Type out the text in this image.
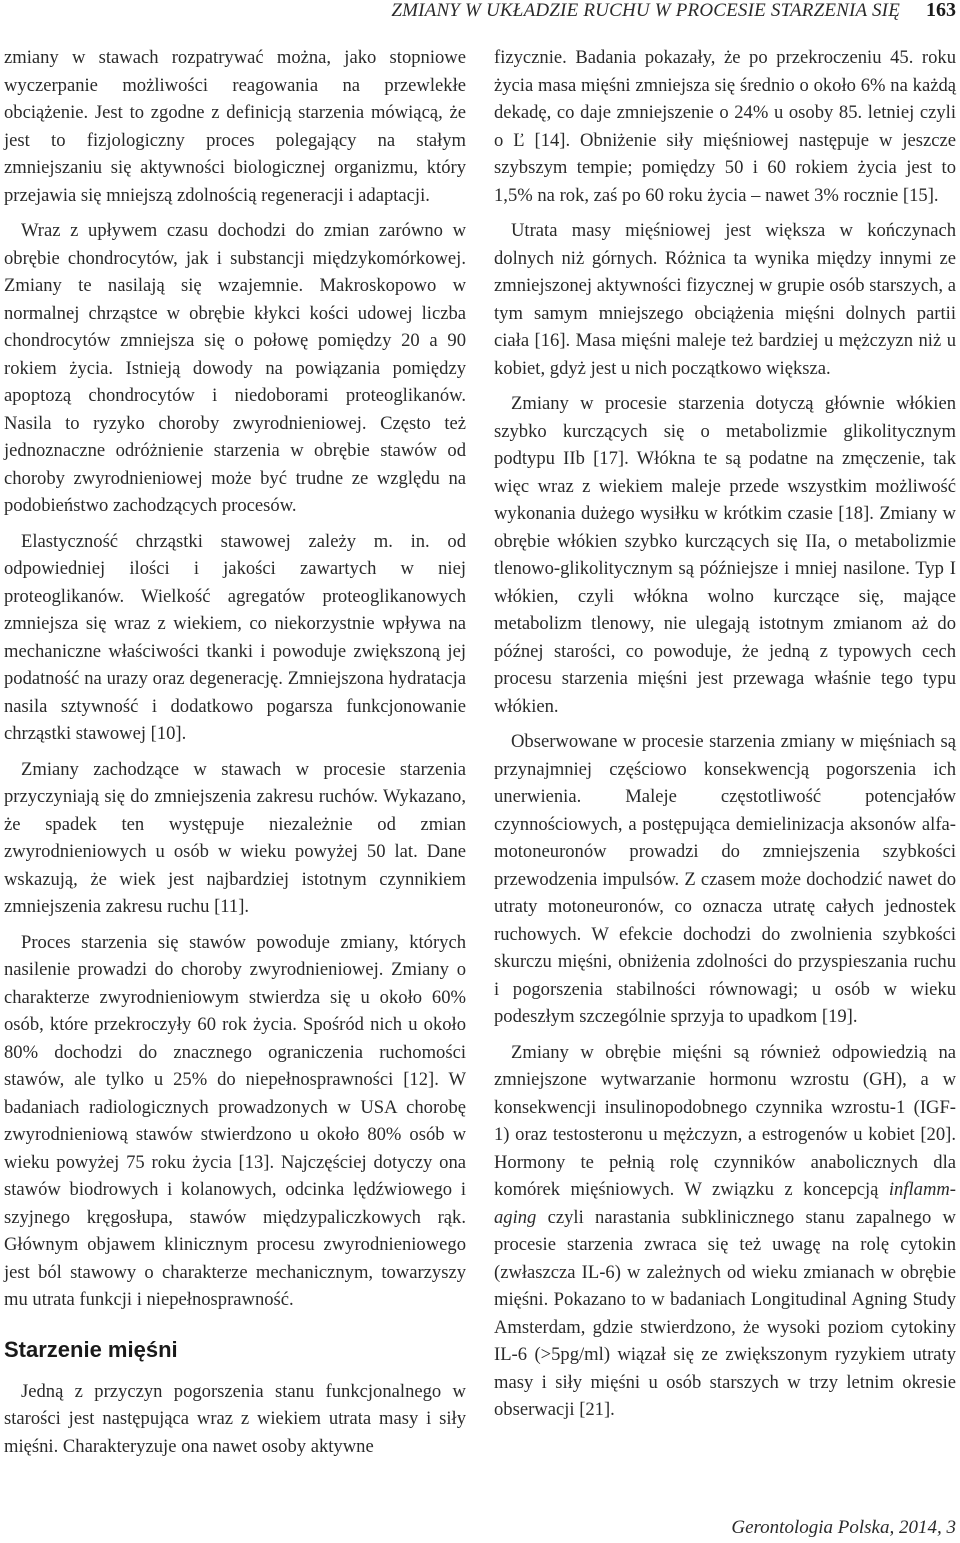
ZMIANY W UKŁADZIE RUCHU W PROCESIE STARZENIA SIĘ 163

zmiany w stawach rozpatrywać można, jako stopniowe wyczerpanie możliwości reagowania na przewlekłe obciążenie. Jest to zgodne z definicją starzenia mówiącą, że jest to fizjologiczny proces polegający na stałym zmniejszaniu się aktywności biologicznej organizmu, który przejawia się mniejszą zdolnością regeneracji i adaptacji.

Wraz z upływem czasu dochodzi do zmian zarówno w obrębie chondrocytów, jak i substancji międzykomórkowej. Zmiany te nasilają się wzajemnie. Makroskopowo w normalnej chrząstce w obrębie kłykci kości udowej liczba chondrocytów zmniejsza się o połowę pomiędzy 20 a 90 rokiem życia. Istnieją dowody na powiązania pomiędzy apoptozą chondrocytów i niedoborami proteoglikanów. Nasila to ryzyko choroby zwyrodnieniowej. Często też jednoznaczne odróżnienie starzenia w obrębie stawów od choroby zwyrodnieniowej może być trudne ze względu na podobieństwo zachodzących procesów.

Elastyczność chrząstki stawowej zależy m. in. od odpowiedniej ilości i jakości zawartych w niej proteoglikanów. Wielkość agregatów proteoglikanowych zmniejsza się wraz z wiekiem, co niekorzystnie wpływa na mechaniczne właściwości tkanki i powoduje zwiększoną jej podatność na urazy oraz degenerację. Zmniejszona hydratacja nasila sztywność i dodatkowo pogarsza funkcjonowanie chrząstki stawowej [10].

Zmiany zachodzące w stawach w procesie starzenia przyczyniają się do zmniejszenia zakresu ruchów. Wykazano, że spadek ten występuje niezależnie od zmian zwyrodnieniowych u osób w wieku powyżej 50 lat. Dane wskazują, że wiek jest najbardziej istotnym czynnikiem zmniejszenia zakresu ruchu [11].

Proces starzenia się stawów powoduje zmiany, których nasilenie prowadzi do choroby zwyrodnieniowej. Zmiany o charakterze zwyrodnieniowym stwierdza się u około 60% osób, które przekroczyły 60 rok życia. Spośród nich u około 80% dochodzi do znacznego ograniczenia ruchomości stawów, ale tylko u 25% do niepełnosprawności [12]. W badaniach radiologicznych prowadzonych w USA chorobę zwyrodnieniową stawów stwierdzono u około 80% osób w wieku powyżej 75 roku życia [13]. Najczęściej dotyczy ona stawów biodrowych i kolanowych, odcinka lędźwiowego i szyjnego kręgosłupa, stawów międzypaliczkowych rąk. Głównym objawem klinicznym procesu zwyrodnieniowego jest ból stawowy o charakterze mechanicznym, towarzyszy mu utrata funkcji i niepełnosprawność.

Starzenie mięśni

Jedną z przyczyn pogorszenia stanu funkcjonalnego w starości jest następująca wraz z wiekiem utrata masy i siły mięśni. Charakteryzuje ona nawet osoby aktywne

fizycznie. Badania pokazały, że po przekroczeniu 45. roku życia masa mięśni zmniejsza się średnio o około 6% na każdą dekadę, co daje zmniejszenie o 24% u osoby 85. letniej czyli o Ľ [14]. Obniżenie siły mięśniowej następuje w jeszcze szybszym tempie; pomiędzy 50 i 60 rokiem życia jest to 1,5% na rok, zaś po 60 roku życia – nawet 3% rocznie [15].

Utrata masy mięśniowej jest większa w kończynach dolnych niż górnych. Różnica ta wynika między innymi ze zmniejszonej aktywności fizycznej w grupie osób starszych, a tym samym mniejszego obciążenia mięśni dolnych partii ciała [16]. Masa mięśni maleje też bardziej u mężczyzn niż u kobiet, gdyż jest u nich początkowo większa.

Zmiany w procesie starzenia dotyczą głównie włókien szybko kurczących się o metabolizmie glikolitycznym podtypu IIb [17]. Włókna te są podatne na zmęczenie, tak więc wraz z wiekiem maleje przede wszystkim możliwość wykonania dużego wysiłku w krótkim czasie [18]. Zmiany w obrębie włókien szybko kurczących się IIa, o metabolizmie tlenowo-glikolitycznym są późniejsze i mniej nasilone. Typ I włókien, czyli włókna wolno kurczące się, mające metabolizm tlenowy, nie ulegają istotnym zmianom aż do późnej starości, co powoduje, że jedną z typowych cech procesu starzenia mięśni jest przewaga właśnie tego typu włókien.

Obserwowane w procesie starzenia zmiany w mięśniach są przynajmniej częściowo konsekwencją pogorszenia ich unerwienia. Maleje częstotliwość potencjałów czynnościowych, a postępująca demielinizacja aksonów alfa-motoneuronów prowadzi do zmniejszenia szybkości przewodzenia impulsów. Z czasem może dochodzić nawet do utraty motoneuronów, co oznacza utratę całych jednostek ruchowych. W efekcie dochodzi do zwolnienia szybkości skurczu mięśni, obniżenia zdolności do przyspieszania ruchu i pogorszenia stabilności równowagi; u osób w wieku podeszłym szczególnie sprzyja to upadkom [19].

Zmiany w obrębie mięśni są również odpowiedzią na zmniejszone wytwarzanie hormonu wzrostu (GH), a w konsekwencji insulinopodobnego czynnika wzrostu-1 (IGF-1) oraz testosteronu u mężczyzn, a estrogenów u kobiet [20]. Hormony te pełnią rolę czynników anabolicznych dla komórek mięśniowych. W związku z koncepcją inflamm-aging czyli narastania subklinicznego stanu zapalnego w procesie starzenia zwraca się też uwagę na rolę cytokin (zwłaszcza IL-6) w zależnych od wieku zmianach w obrębie mięśni. Pokazano to w badaniach Longitudinal Agning Study Amsterdam, gdzie stwierdzono, że wysoki poziom cytokiny IL-6 (>5pg/ml) wiązał się ze zwiększonym ryzykiem utraty masy i siły mięśni u osób starszych w trzy letnim okresie obserwacji [21].

Gerontologia Polska, 2014, 3
